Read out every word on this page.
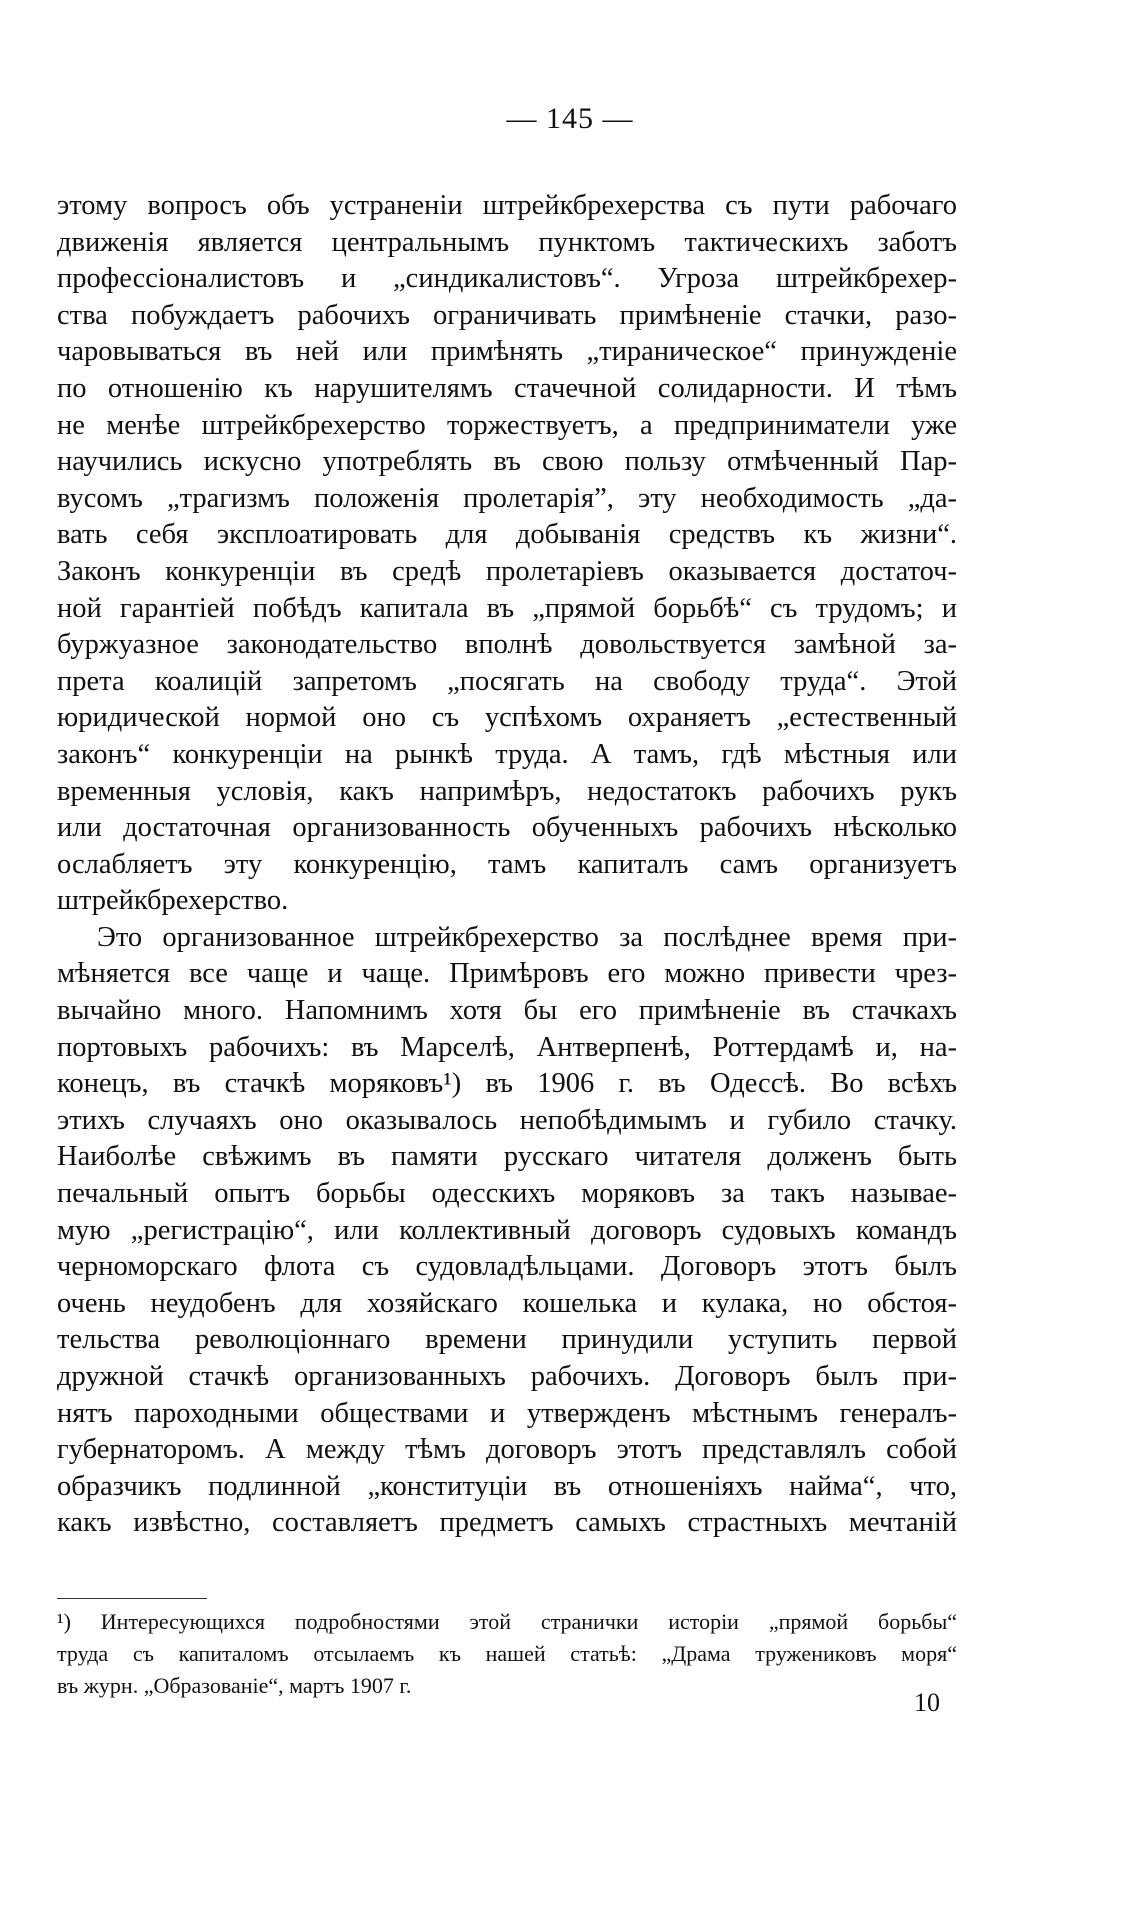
— 145 —
этому вопросъ объ устраненіи штрейкбрехерства съ пути рабочаго
движенія является центральнымъ пунктомъ тактическихъ заботъ
профессіоналистовъ и „синдикалистовъ“. Угроза штрейкбрехер-
ства побуждаетъ рабочихъ ограничивать примѣненіе стачки, разо-
чаровываться въ ней или примѣнять „тираническое“ принужденіе
по отношенію къ нарушителямъ стачечной солидарности. И тѣмъ
не менѣе штрейкбрехерство торжествуетъ, а предприниматели уже
научились искусно употреблять въ свою пользу отмѣченный Пар-
вусомъ „трагизмъ положенія пролетаріяˮ, эту необходимость „да-
вать себя эксплоатировать для добыванія средствъ къ жизни“.
Законъ конкуренціи въ средѣ пролетаріевъ оказывается достаточ-
ной гарантіей побѣдъ капитала въ „прямой борьбѣ“ съ трудомъ; и
буржуазное законодательство вполнѣ довольствуется замѣной за-
прета коалицій запретомъ „посягать на свободу труда“. Этой
юридической нормой оно съ успѣхомъ охраняетъ „естественный
законъ“ конкуренціи на рынкѣ труда. А тамъ, гдѣ мѣстныя или
временныя условія, какъ напримѣръ, недостатокъ рабочихъ рукъ
или достаточная организованность обученныхъ рабочихъ нѣсколько
ослабляетъ эту конкуренцію, тамъ капиталъ самъ организуетъ
штрейкбрехерство.
Это организованное штрейкбрехерство за послѣднее время при-
мѣняется все чаще и чаще. Примѣровъ его можно привести чрез-
вычайно много. Напомнимъ хотя бы его примѣненіе въ стачкахъ
портовыхъ рабочихъ: въ Марселѣ, Антверпенѣ, Роттердамѣ и, на-
конецъ, въ стачкѣ моряковъ¹) въ 1906 г. въ Одессѣ. Во всѣхъ
этихъ случаяхъ оно оказывалось непобѣдимымъ и губило стачку.
Наиболѣе свѣжимъ въ памяти русскаго читателя долженъ быть
печальный опытъ борьбы одесскихъ моряковъ за такъ называе-
мую „регистрацію“, или коллективный договоръ судовыхъ командъ
черноморскаго флота съ судовладѣльцами. Договоръ этотъ былъ
очень неудобенъ для хозяйскаго кошелька и кулака, но обстоя-
тельства революціоннаго времени принудили уступить первой
дружной стачкѣ организованныхъ рабочихъ. Договоръ былъ при-
нятъ пароходными обществами и утвержденъ мѣстнымъ генералъ-
губернаторомъ. А между тѣмъ договоръ этотъ представлялъ собой
образчикъ подлинной „конституціи въ отношеніяхъ найма“, что,
какъ извѣстно, составляетъ предметъ самыхъ страстныхъ мечтаній
¹) Интересующихся подробностями этой странички исторіи „прямой борьбы“
труда съ капиталомъ отсылаемъ къ нашей статьѣ: „Драма тружениковъ моря“
въ журн. „Образованіе“, мартъ 1907 г.
10
